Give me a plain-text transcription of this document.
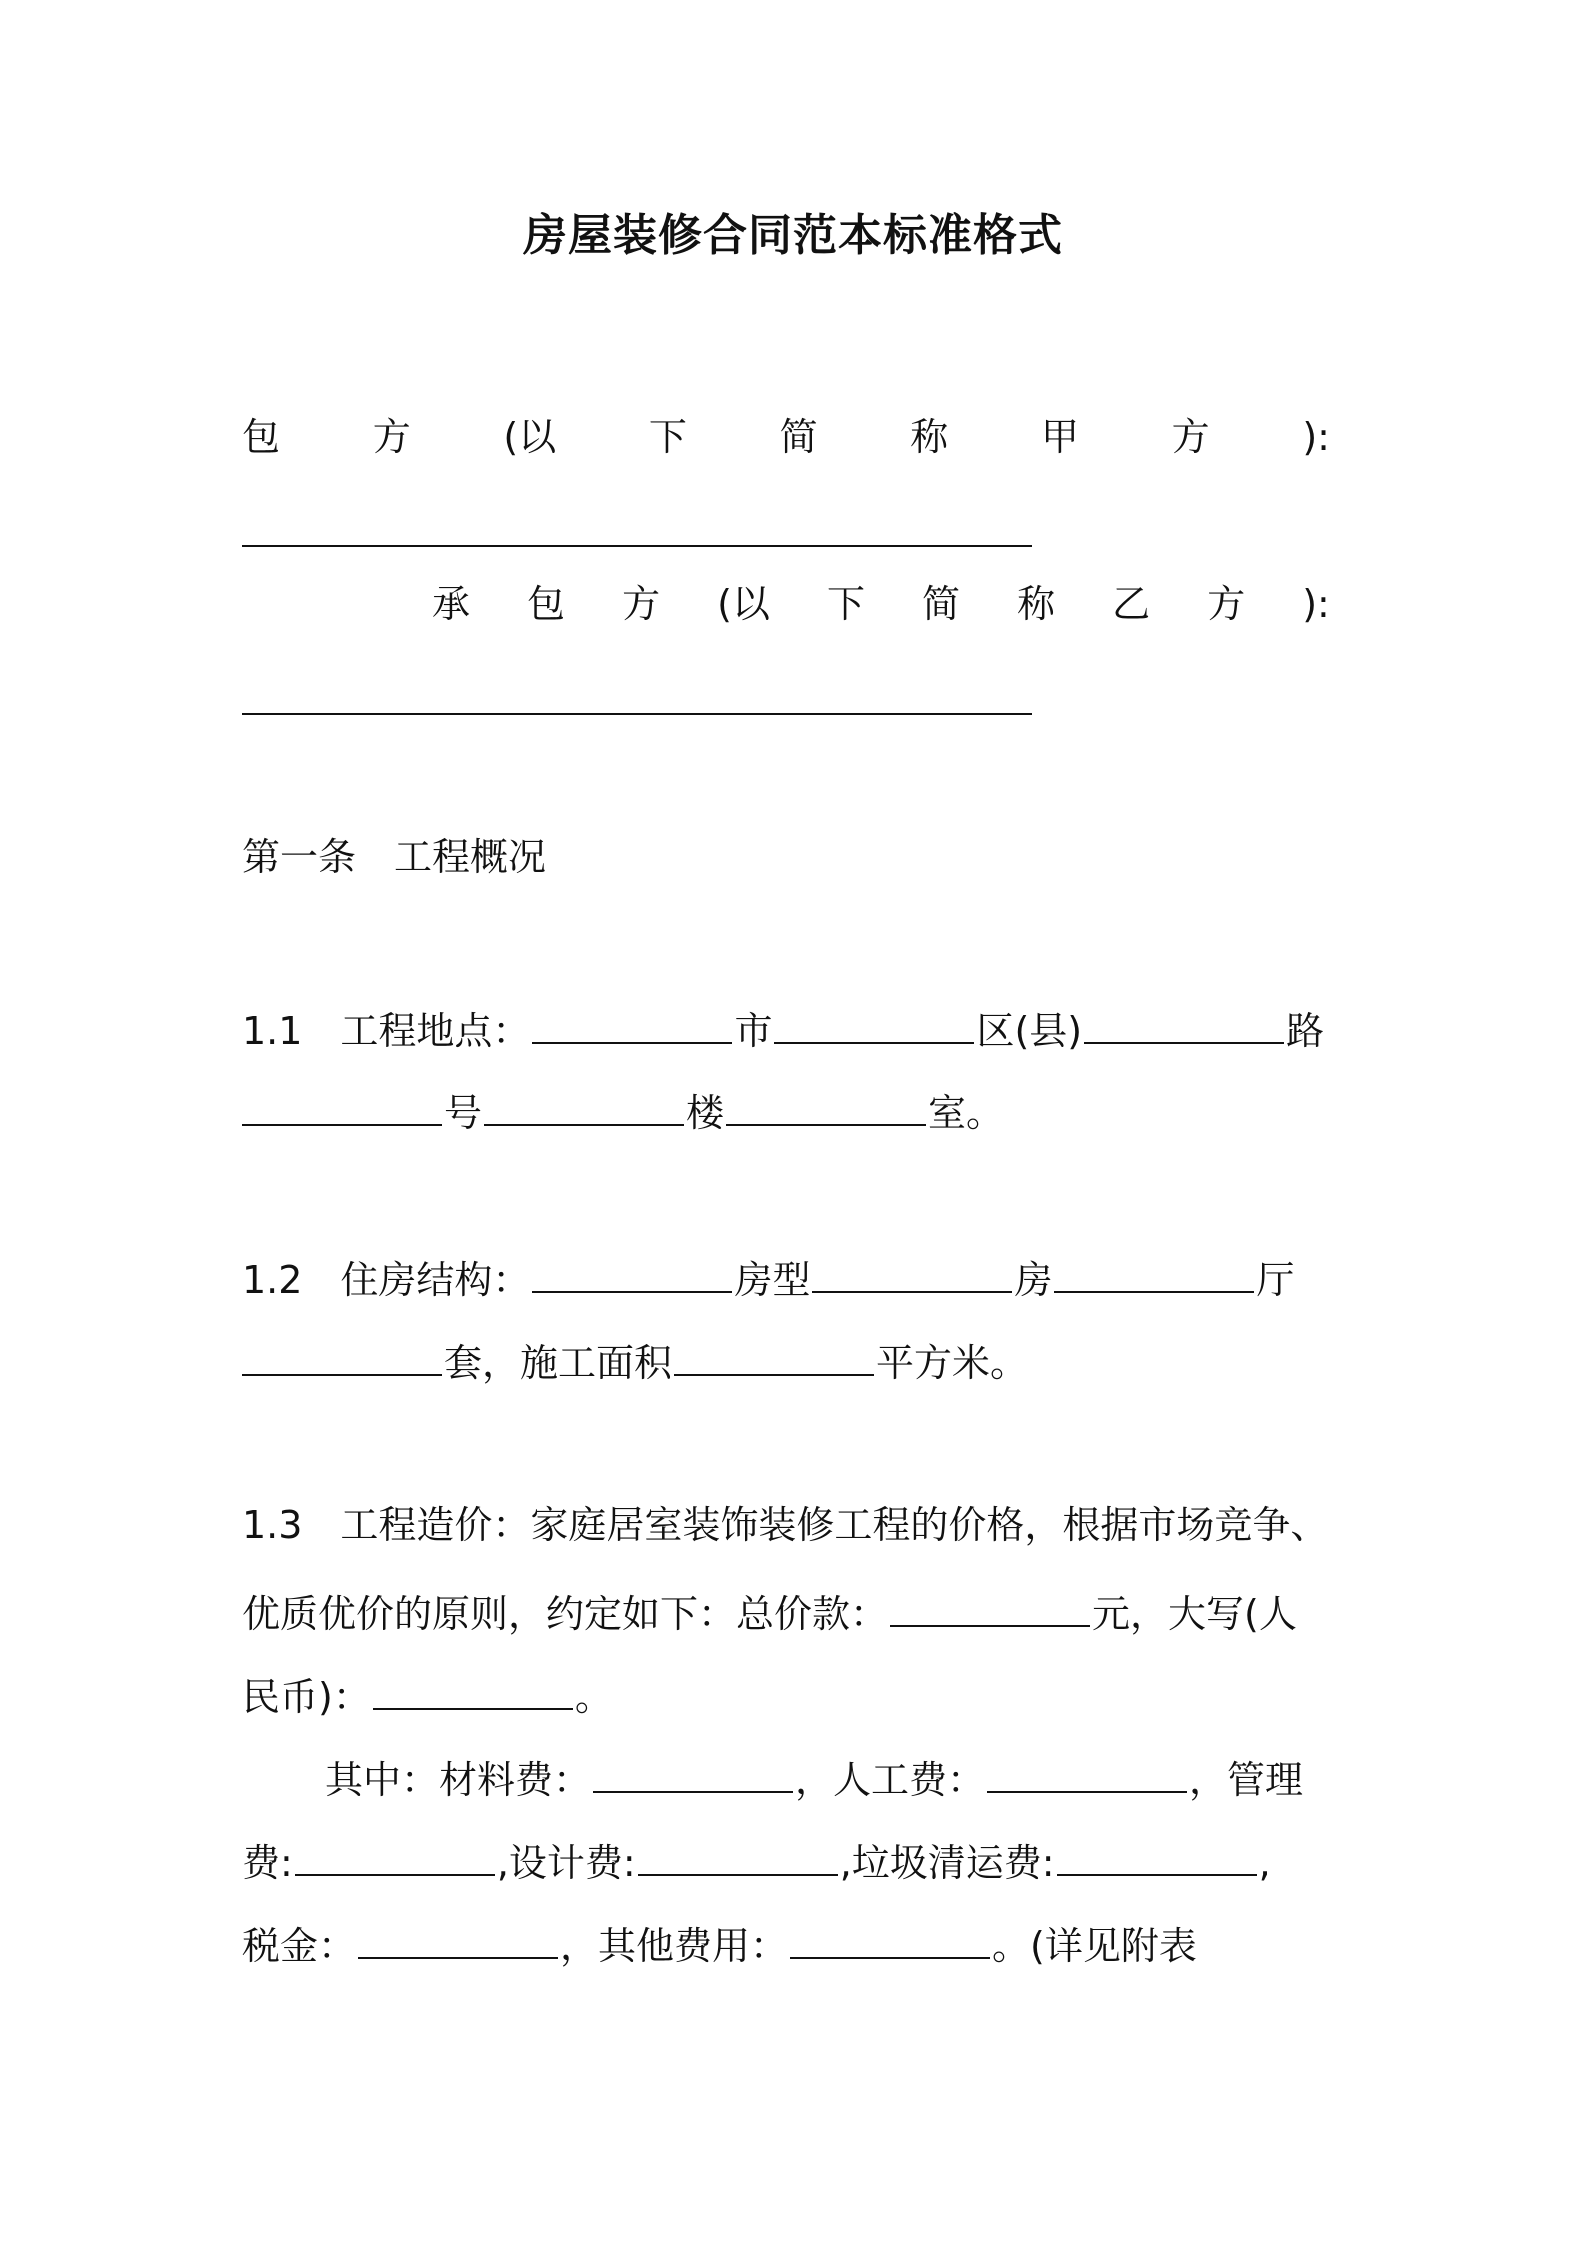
房屋装修合同范本标准格式
包 方 (以 下 简 称 甲 方 ):
承 包 方 (以 下 简 称 乙 方 ):
第一条　工程概况
1.1　工程地点：	市	区(县)	路
号	楼	室。
1.2　住房结构：	房型	房	厅
套，施工面积	平方米。
1.3　工程造价：家庭居室装饰装修工程的价格，根据市场竞争、
优质优价的原则，约定如下：总价款：	元，大写(人
民币)：	。
其中：材料费：	，人工费：	，管理
费:	,设计费:	,垃圾清运费:	,
税金：	，其他费用：	。(详见附表
